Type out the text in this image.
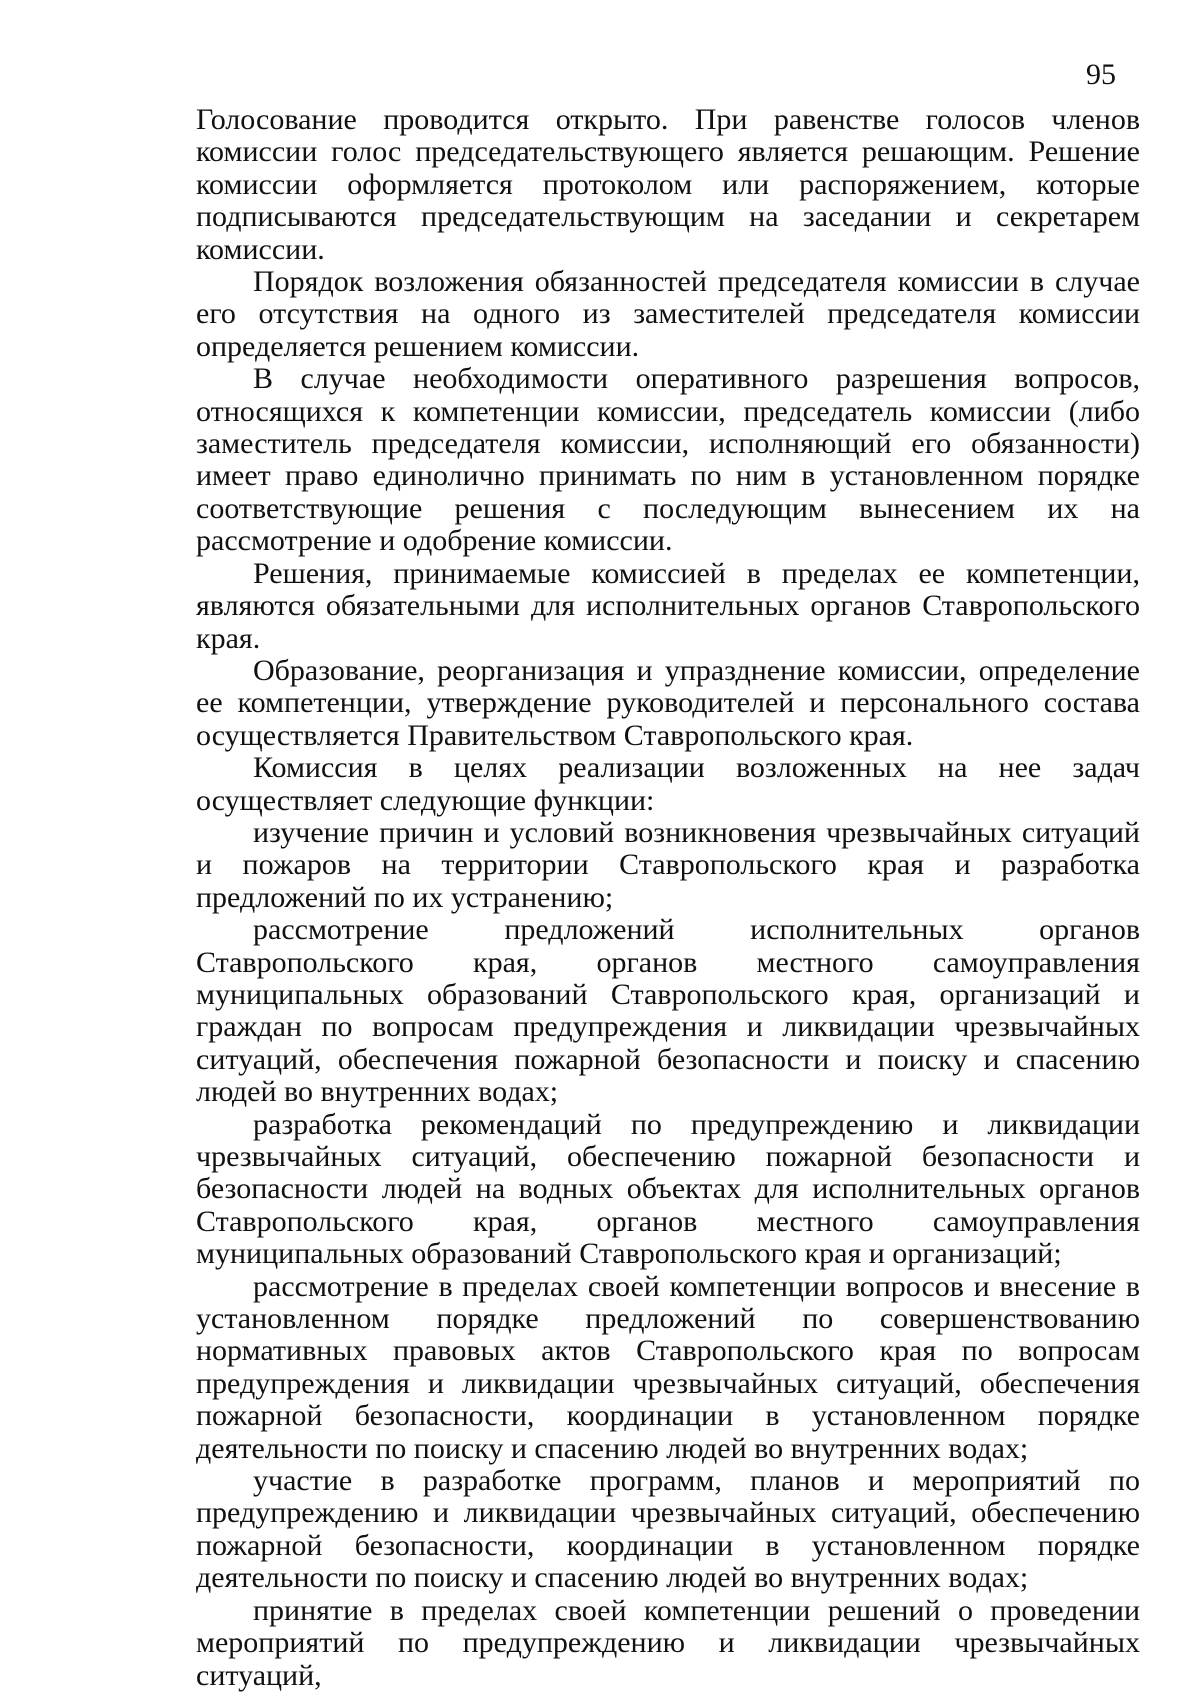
95

Голосование проводится открыто. При равенстве голосов членов комиссии голос председательствующего является решающим. Решение комиссии оформляется протоколом или распоряжением, которые подписываются председательствующим на заседании и секретарем комиссии.

Порядок возложения обязанностей председателя комиссии в случае его отсутствия на одного из заместителей председателя комиссии определяется решением комиссии.

В случае необходимости оперативного разрешения вопросов, относящихся к компетенции комиссии, председатель комиссии (либо заместитель председателя комиссии, исполняющий его обязанности) имеет право единолично принимать по ним в установленном порядке соответствующие решения с последующим вынесением их на рассмотрение и одобрение комиссии.

Решения, принимаемые комиссией в пределах ее компетенции, являются обязательными для исполнительных органов Ставропольского края.

Образование, реорганизация и упразднение комиссии, определение ее компетенции, утверждение руководителей и персонального состава осуществляется Правительством Ставропольского края.

Комиссия в целях реализации возложенных на нее задач осуществляет следующие функции:

изучение причин и условий возникновения чрезвычайных ситуаций и пожаров на территории Ставропольского края и разработка предложений по их устранению;

рассмотрение предложений исполнительных органов Ставропольского края, органов местного самоуправления муниципальных образований Ставропольского края, организаций и граждан по вопросам предупреждения и ликвидации чрезвычайных ситуаций, обеспечения пожарной безопасности и поиску и спасению людей во внутренних водах;

разработка рекомендаций по предупреждению и ликвидации чрезвычайных ситуаций, обеспечению пожарной безопасности и безопасности людей на водных объектах для исполнительных органов Ставропольского края, органов местного самоуправления муниципальных образований Ставропольского края и организаций;

рассмотрение в пределах своей компетенции вопросов и внесение в установленном порядке предложений по совершенствованию нормативных правовых актов Ставропольского края по вопросам предупреждения и ликвидации чрезвычайных ситуаций, обеспечения пожарной безопасности, координации в установленном порядке деятельности по поиску и спасению людей во внутренних водах;

участие в разработке программ, планов и мероприятий по предупреждению и ликвидации чрезвычайных ситуаций, обеспечению пожарной безопасности, координации в установленном порядке деятельности по поиску и спасению людей во внутренних водах;

принятие в пределах своей компетенции решений о проведении мероприятий по предупреждению и ликвидации чрезвычайных ситуаций,
